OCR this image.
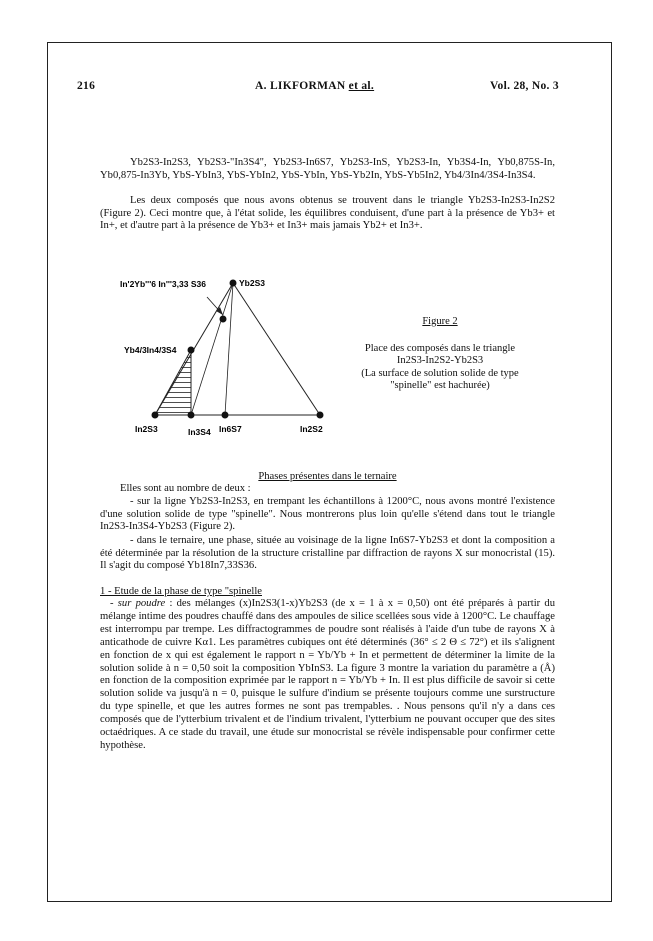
216	A. LIKFORMAN et al.	Vol. 28, No. 3
Yb2S3-In2S3, Yb2S3-"In3S4", Yb2S3-In6S7, Yb2S3-InS, Yb2S3-In, Yb3S4-In, Yb0,875S-In, Yb0,875-In3Yb, YbS-YbIn3, YbS-YbIn2, YbS-YbIn, YbS-Yb2In, YbS-Yb5In2, Yb4/3In4/3S4-In3S4.
Les deux composés que nous avons obtenus se trouvent dans le triangle Yb2S3-In2S3-In2S2 (Figure 2). Ceci montre que, à l'état solide, les équilibres conduisent, d'une part à la présence de Yb3+ et In+, et d'autre part à la présence de Yb3+ et In3+ mais jamais Yb2+ et In3+.
In'2Yb'''6 In'''3,33 S36	Yb2S3
Yb4/3In4/3S4
In2S3	In3S4 In6S7	In2S2
Figure 2
Place des composés dans le triangle
In2S3-In2S2-Yb2S3
(La surface de solution solide de type
"spinelle" est hachurée)
Phases présentes dans le ternaire
Elles sont au nombre de deux :
- sur la ligne Yb2S3-In2S3, en trempant les échantillons à 1200°C, nous avons montré l'existence d'une solution solide de type "spinelle". Nous montrerons plus loin qu'elle s'étend dans tout le triangle In2S3-In3S4-Yb2S3 (Figure 2).
- dans le ternaire, une phase, située au voisinage de la ligne In6S7-Yb2S3 et dont la composition a été déterminée par la résolution de la structure cristalline par diffraction de rayons X sur monocristal (15). Il s'agit du composé Yb18In7,33S36.
1 - Etude de la phase de type "spinelle
- sur poudre : des mélanges (x)In2S3(1-x)Yb2S3 (de x = 1 à x = 0,50) ont été préparés à partir du mélange intime des poudres chauffé dans des ampoules de silice scellées sous vide à 1200°C. Le chauffage est interrompu par trempe. Les diffractogrammes de poudre sont réalisés à l'aide d'un tube de rayons X à anticathode de cuivre Kα1. Les paramètres cubiques ont été déterminés (36° ≤ 2 Θ ≤ 72°) et ils s'alignent en fonction de x qui est également le rapport n = Yb/Yb + In et permettent de déterminer la limite de la solution solide à n = 0,50 soit la composition YbInS3. La figure 3 montre la variation du paramètre a (Å) en fonction de la composition exprimée par le rapport n = Yb/Yb + In. Il est plus difficile de savoir si cette solution solide va jusqu'à n = 0, puisque le sulfure d'indium se présente toujours comme une surstructure du type spinelle, et que les autres formes ne sont pas trempables. . Nous pensons qu'il n'y a dans ces composés que de l'ytterbium trivalent et de l'indium trivalent, l'ytterbium ne pouvant occuper que des sites octaédriques. A ce stade du travail, une étude sur monocristal se révèle indispensable pour confirmer cette hypothèse.
